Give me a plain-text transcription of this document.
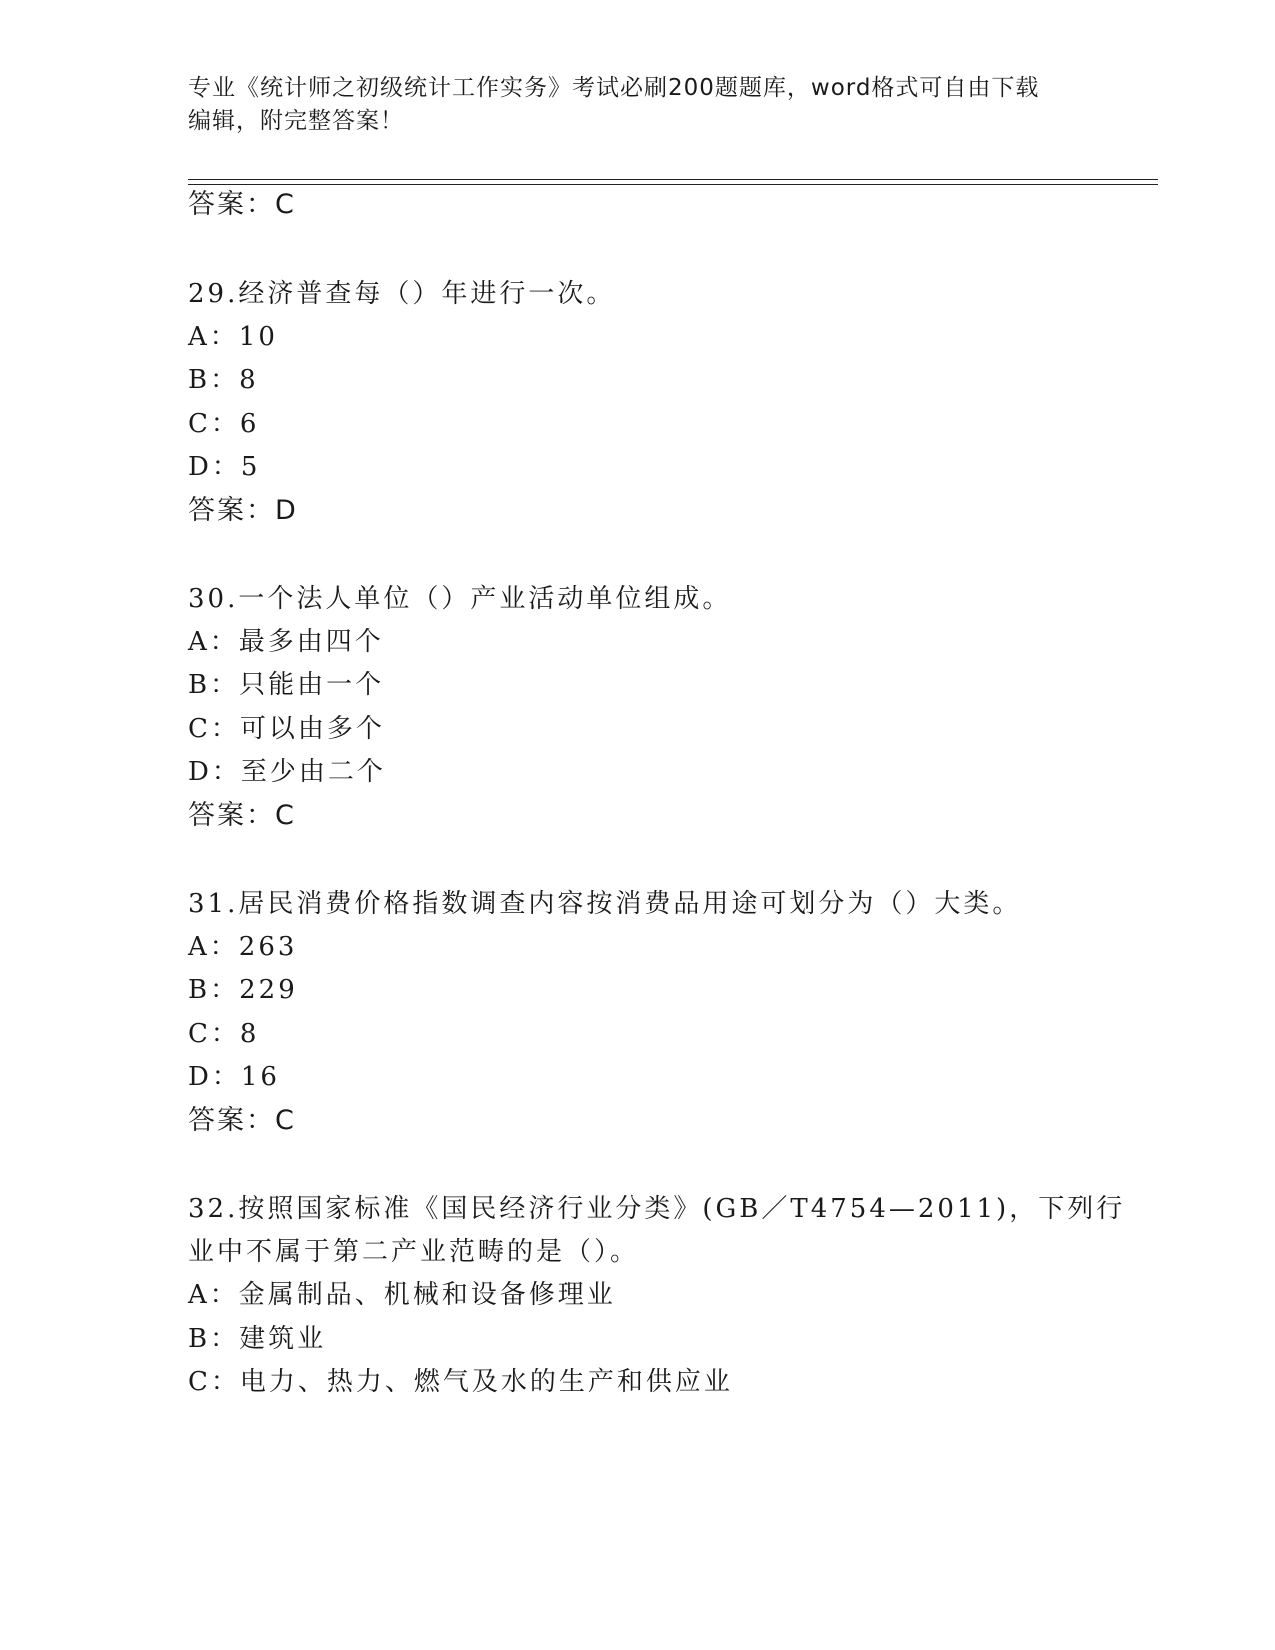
专业《统计师之初级统计工作实务》考试必刷200题题库，word格式可自由下载
编辑，附完整答案！
答案：C
29.经济普查每（）年进行一次。
A：10
B：8
C：6
D：5
答案：D
30.一个法人单位（）产业活动单位组成。
A：最多由四个
B：只能由一个
C：可以由多个
D：至少由二个
答案：C
31.居民消费价格指数调查内容按消费品用途可划分为（）大类。
A：263
B：229
C：8
D：16
答案：C
32.按照国家标准《国民经济行业分类》(GB／T4754—2011)，下列行
业中不属于第二产业范畴的是（）。
A：金属制品、机械和设备修理业
B：建筑业
C：电力、热力、燃气及水的生产和供应业
